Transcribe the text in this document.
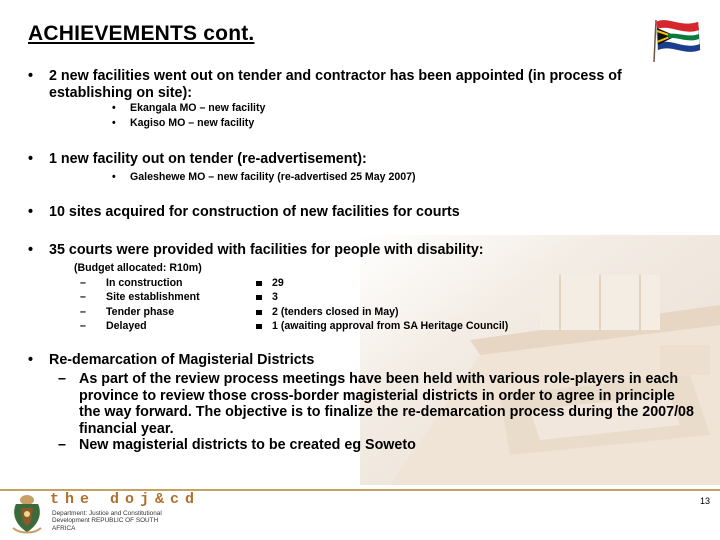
ACHIEVEMENTS cont.
• 2 new facilities went out on tender and contractor has been appointed (in process of establishing on site):
• Ekangala MO – new facility
• Kagiso MO – new facility
• 1 new facility out on tender (re-advertisement):
• Galeshewe MO – new facility (re-advertised 25 May 2007)
• 10 sites acquired for construction of new facilities for courts
• 35 courts were provided with facilities for people with disability:
(Budget allocated: R10m)
– In construction
– Site establishment
– Tender phase
– Delayed
29
3
2 (tenders closed in May)
1 (awaiting approval from SA Heritage Council)
• Re-demarcation of Magisterial Districts
– As part of the review process meetings have been held with various role-players in each province to review those cross-border magisterial districts in order to agree in principle the way forward. The objective is to finalize the re-demarcation process during the 2007/08 financial year.
– New magisterial districts to be created eg Soweto
the doj&cd
Department: Justice and Constitutional Development REPUBLIC OF SOUTH AFRICA
13
